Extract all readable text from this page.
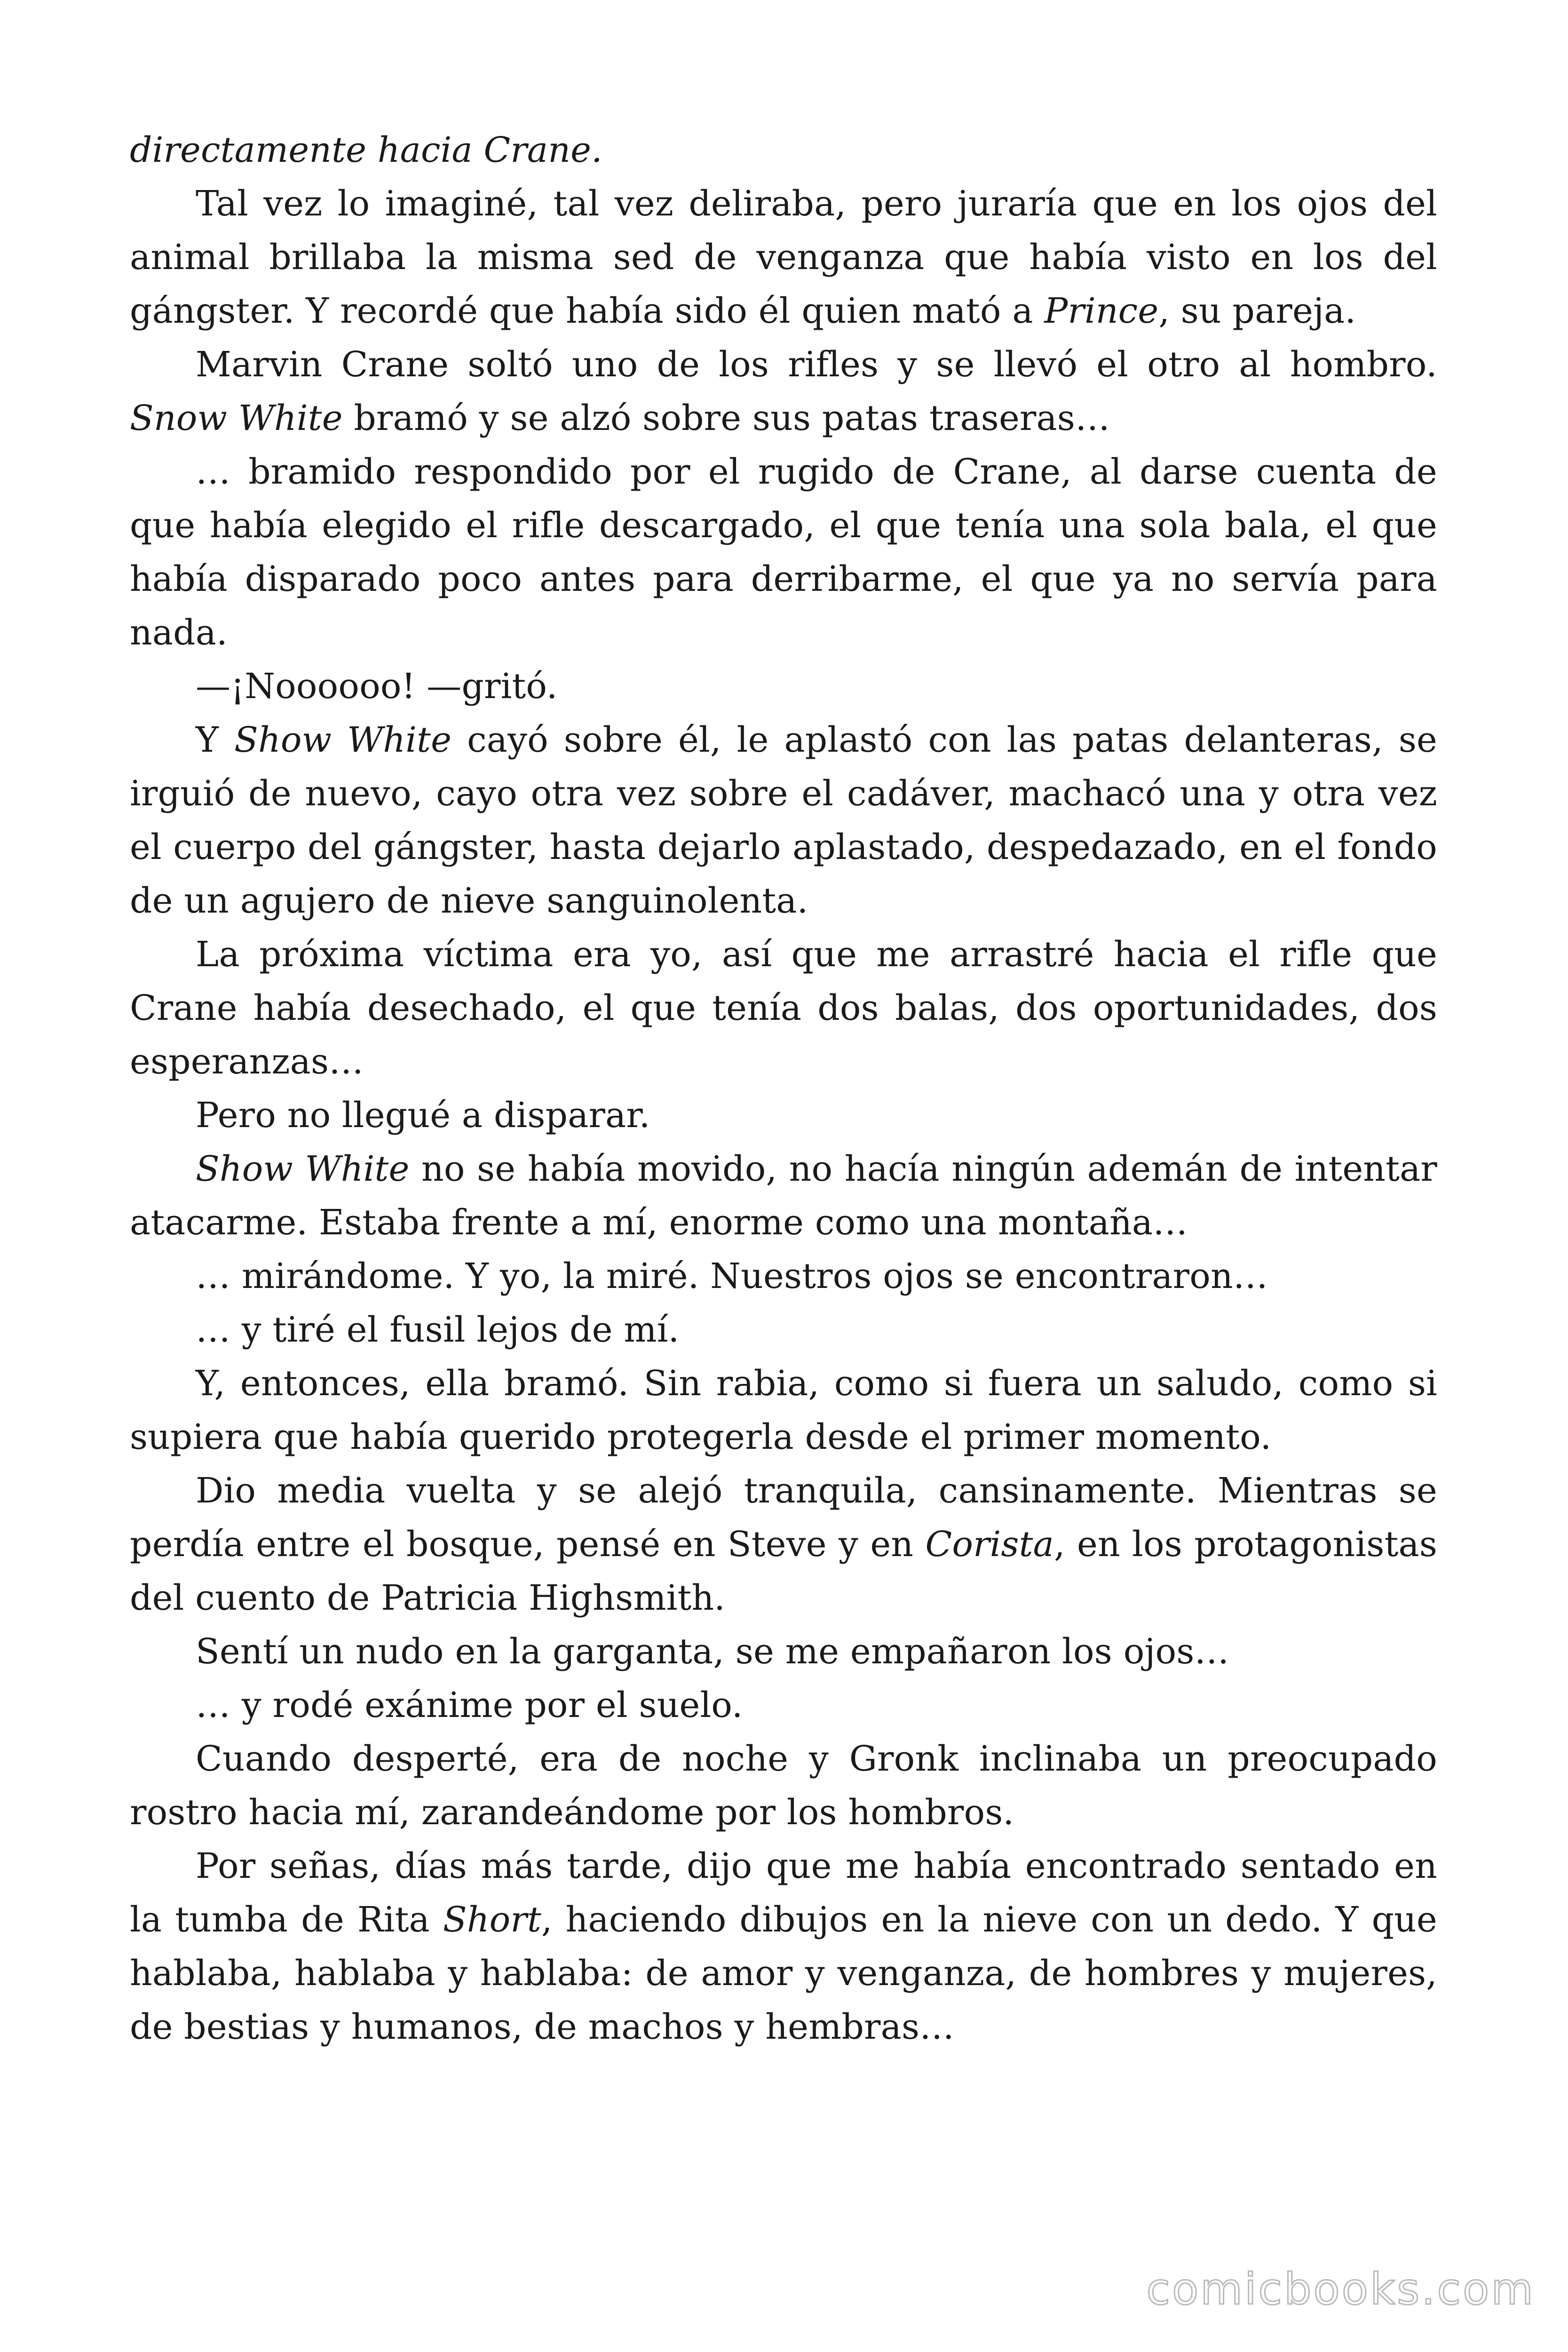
directamente hacia Crane.

Tal vez lo imaginé, tal vez deliraba, pero juraría que en los ojos del animal brillaba la misma sed de venganza que había visto en los del gángster. Y recordé que había sido él quien mató a Prince, su pareja.

Marvin Crane soltó uno de los rifles y se llevó el otro al hombro. Snow White bramó y se alzó sobre sus patas traseras…

… bramido respondido por el rugido de Crane, al darse cuenta de que había elegido el rifle descargado, el que tenía una sola bala, el que había disparado poco antes para derribarme, el que ya no servía para nada.

—¡Noooooo! —gritó.

Y Show White cayó sobre él, le aplastó con las patas delanteras, se irguió de nuevo, cayo otra vez sobre el cadáver, machacó una y otra vez el cuerpo del gángster, hasta dejarlo aplastado, despedazado, en el fondo de un agujero de nieve sanguinolenta.

La próxima víctima era yo, así que me arrastré hacia el rifle que Crane había desechado, el que tenía dos balas, dos oportunidades, dos esperanzas…

Pero no llegué a disparar.

Show White no se había movido, no hacía ningún ademán de intentar atacarme. Estaba frente a mí, enorme como una montaña…

… mirándome. Y yo, la miré. Nuestros ojos se encontraron…

… y tiré el fusil lejos de mí.

Y, entonces, ella bramó. Sin rabia, como si fuera un saludo, como si supiera que había querido protegerla desde el primer momento.

Dio media vuelta y se alejó tranquila, cansinamente. Mientras se perdía entre el bosque, pensé en Steve y en Corista, en los protagonistas del cuento de Patricia Highsmith.

Sentí un nudo en la garganta, se me empañaron los ojos…

… y rodé exánime por el suelo.

Cuando desperté, era de noche y Gronk inclinaba un preocupado rostro hacia mí, zarandeándome por los hombros.

Por señas, días más tarde, dijo que me había encontrado sentado en la tumba de Rita Short, haciendo dibujos en la nieve con un dedo. Y que hablaba, hablaba y hablaba: de amor y venganza, de hombres y mujeres, de bestias y humanos, de machos y hembras…

comicbooks.com
